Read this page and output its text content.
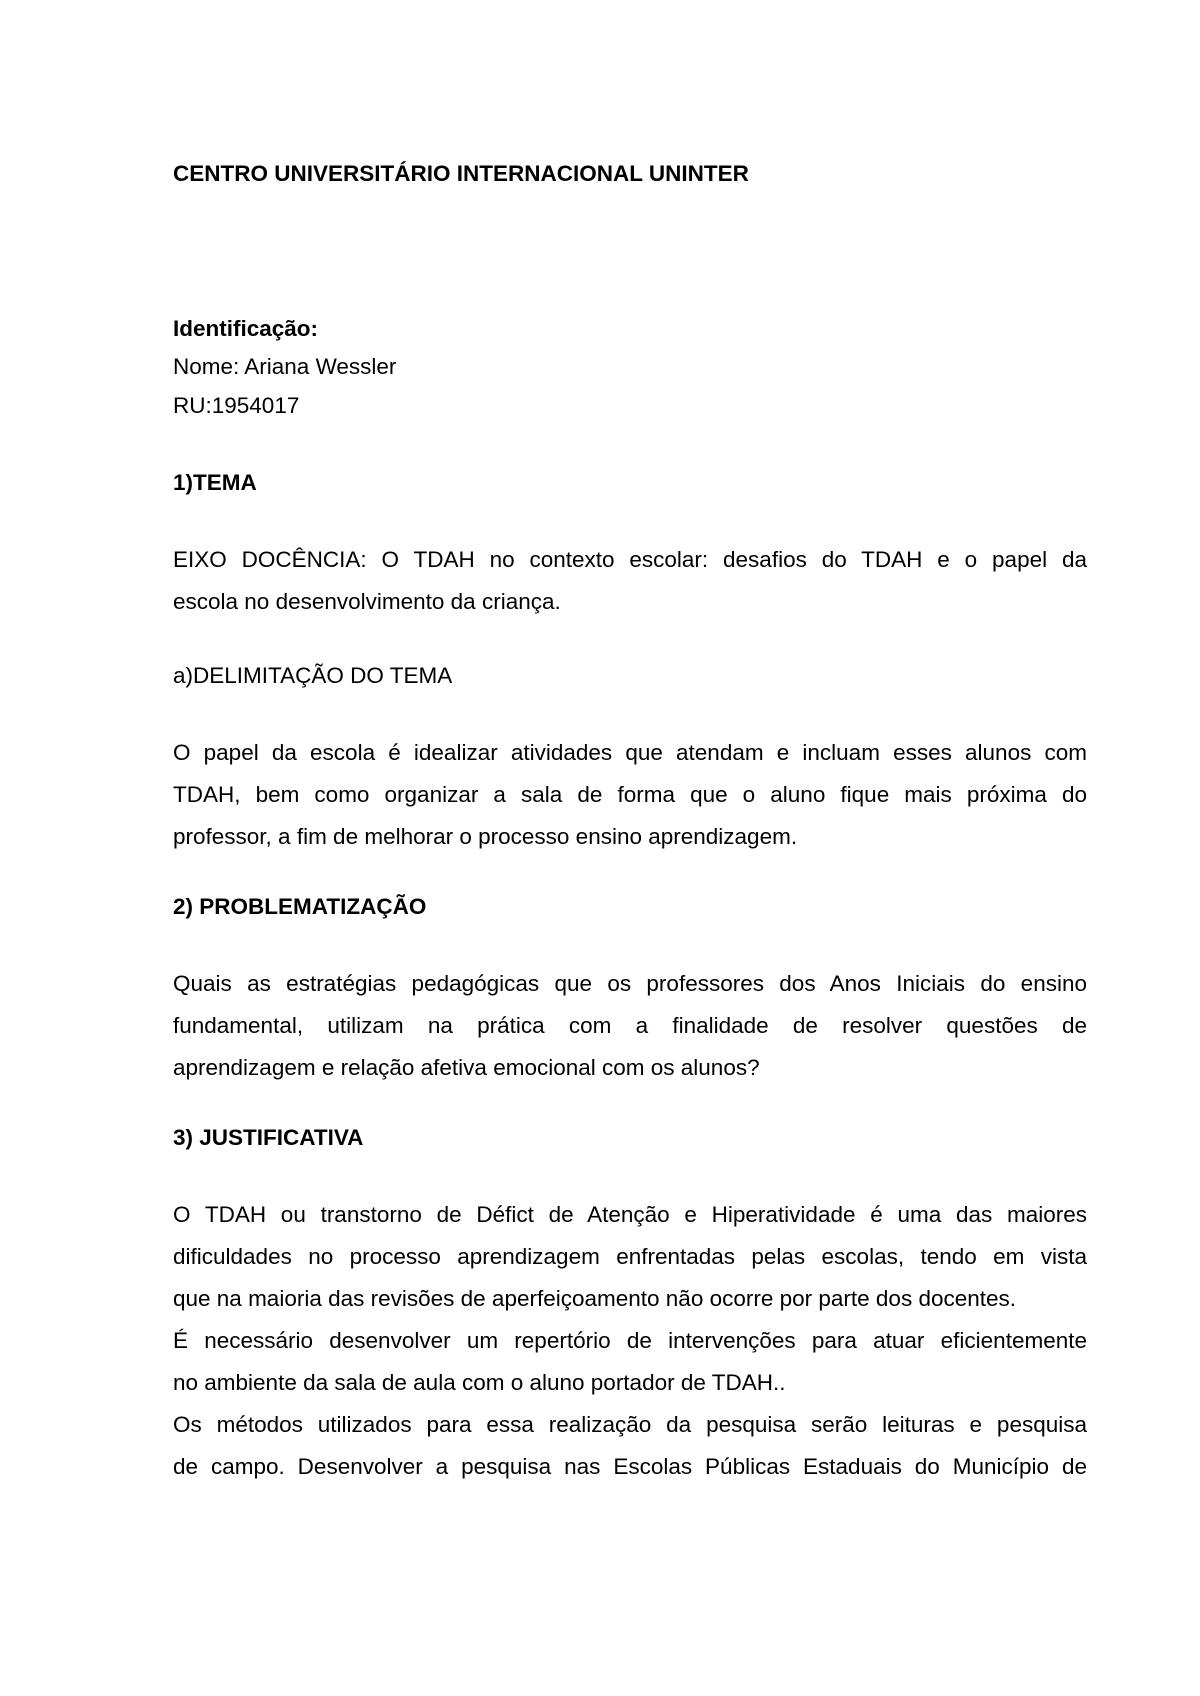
CENTRO UNIVERSITÁRIO INTERNACIONAL UNINTER
Identificação:
Nome: Ariana Wessler
RU:1954017
1)TEMA
EIXO DOCÊNCIA: O TDAH no contexto escolar: desafios do TDAH e o papel da
escola no desenvolvimento da criança.
a)DELIMITAÇÃO DO TEMA
O papel da escola é idealizar atividades que atendam e incluam esses alunos com
TDAH, bem como organizar a sala de forma que o aluno fique mais próxima do
professor, a fim de melhorar o processo ensino aprendizagem.
2) PROBLEMATIZAÇÃO
Quais as estratégias pedagógicas que os professores dos Anos Iniciais do ensino
fundamental, utilizam na prática com a finalidade de resolver questões de
aprendizagem e relação afetiva emocional com os alunos?
3) JUSTIFICATIVA
O TDAH ou transtorno de Défict de Atenção e Hiperatividade é uma das maiores
dificuldades no processo aprendizagem enfrentadas pelas escolas, tendo em vista
que na maioria das revisões de aperfeiçoamento não ocorre por parte dos docentes.
É necessário desenvolver um repertório de intervenções para atuar eficientemente
no ambiente da sala de aula com o aluno portador de TDAH..
Os métodos utilizados para essa realização da pesquisa serão leituras e pesquisa
de campo. Desenvolver a pesquisa nas Escolas Públicas Estaduais do Município de
